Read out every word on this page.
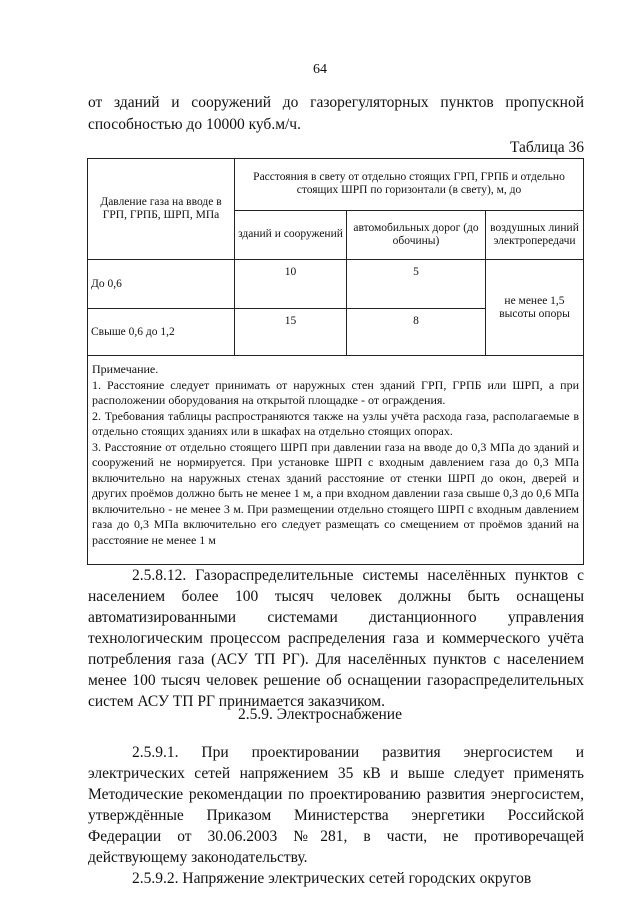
64
от зданий и сооружений до газорегуляторных пунктов пропускной способностью до 10000 куб.м/ч.
Таблица 36
Давление газа на вводе в ГРП, ГРПБ, ШРП, МПа	Расстояния в свету от отдельно стоящих ГРП, ГРПБ и отдельно стоящих ШРП по горизонтали (в свету), м, до		
	зданий и сооружений	автомобильных дорог (до обочины)	воздушных линий электропередачи
До 0,6	10	5	не менее 1,5 высоты опоры
Свыше 0,6 до 1,2	15	8	

Примечание.

1. Расстояние следует принимать от наружных стен зданий ГРП, ГРПБ или ШРП, а при расположении оборудования на открытой площадке - от ограждения.

2. Требования таблицы распространяются также на узлы учёта расхода газа, располагаемые в отдельно стоящих зданиях или в шкафах на отдельно стоящих опорах.

3. Расстояние от отдельно стоящего ШРП при давлении газа на вводе до 0,3 МПа до зданий и сооружений не нормируется. При установке ШРП с входным давлением газа до 0,3 МПа включительно на наружных стенах зданий расстояние от стенки ШРП до окон, дверей и других проёмов должно быть не менее 1 м, а при входном давлении газа свыше 0,3 до 0,6 МПа включительно - не менее 3 м. При размещении отдельно стоящего ШРП с входным давлением газа до 0,3 МПа включительно его следует размещать со смещением от проёмов зданий на расстояние не менее 1 м			

2.5.8.12. Газораспределительные системы населённых пунктов с населением более 100 тысяч человек должны быть оснащены автоматизированными системами дистанционного управления технологическим процессом распределения газа и коммерческого учёта потребления газа (АСУ ТП РГ). Для населённых пунктов с населением менее 100 тысяч человек решение об оснащении газораспределительных систем АСУ ТП РГ принимается заказчиком.

2.5.9. Электроснабжение

2.5.9.1. При проектировании развития энергосистем и электрических сетей напряжением 35 кВ и выше следует применять Методические рекомендации по проектированию развития энергосистем, утверждённые Приказом Министерства энергетики Российской Федерации от 30.06.2003 №281, в части, не противоречащей действующему законодательству.

2.5.9.2. Напряжение электрических сетей городских округов
